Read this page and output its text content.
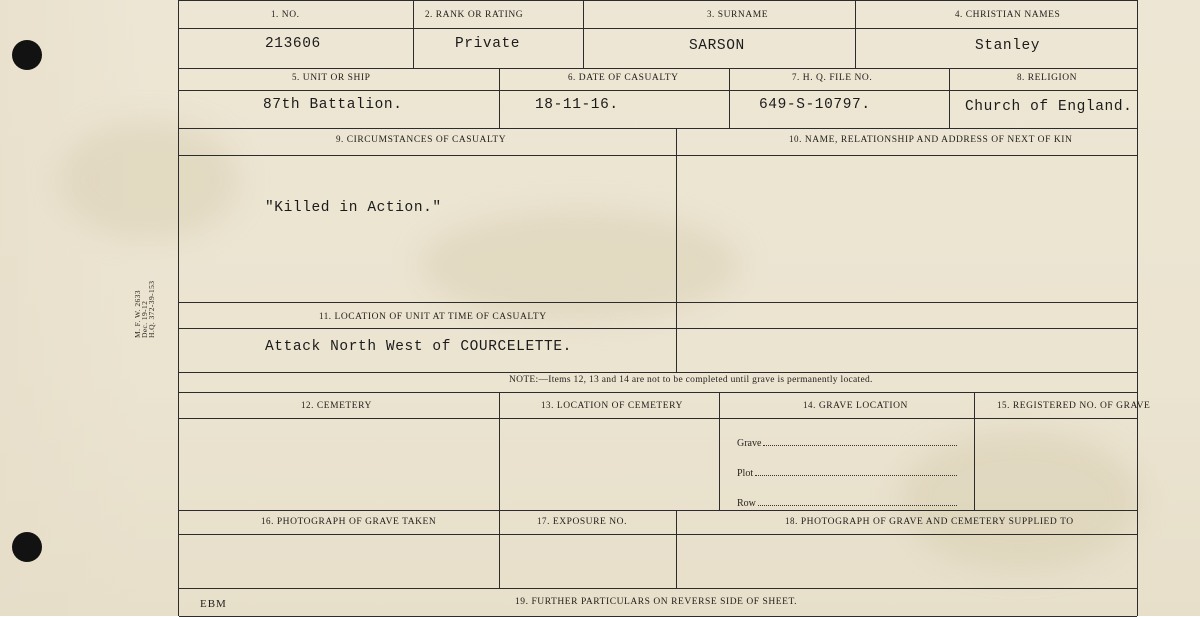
M. F. W. 2633
Dec. 19-12
H.Q. 372-39-153
EBM
1. NO.	2. RANK OR RATING	3. SURNAME	4. CHRISTIAN NAMES
213606	Private	SARSON	Stanley
5. UNIT OR SHIP	6. DATE OF CASUALTY	7. H. Q. FILE NO.	8. RELIGION
87th Battalion.	18-11-16.	649-S-10797.	Church of England.
9. CIRCUMSTANCES OF CASUALTY	10. NAME, RELATIONSHIP AND ADDRESS OF NEXT OF KIN
"Killed in Action."
11. LOCATION OF UNIT AT TIME OF CASUALTY
Attack North West of COURCELETTE.
NOTE:—Items 12, 13 and 14 are not to be completed until grave is permanently located.
12. CEMETERY	13. LOCATION OF CEMETERY	14. GRAVE LOCATION	15. REGISTERED NO. OF GRAVE
Grave
Plot
Row
16. PHOTOGRAPH OF GRAVE TAKEN	17. EXPOSURE NO.	18. PHOTOGRAPH OF GRAVE AND CEMETERY SUPPLIED TO
19. FURTHER PARTICULARS ON REVERSE SIDE OF SHEET.
